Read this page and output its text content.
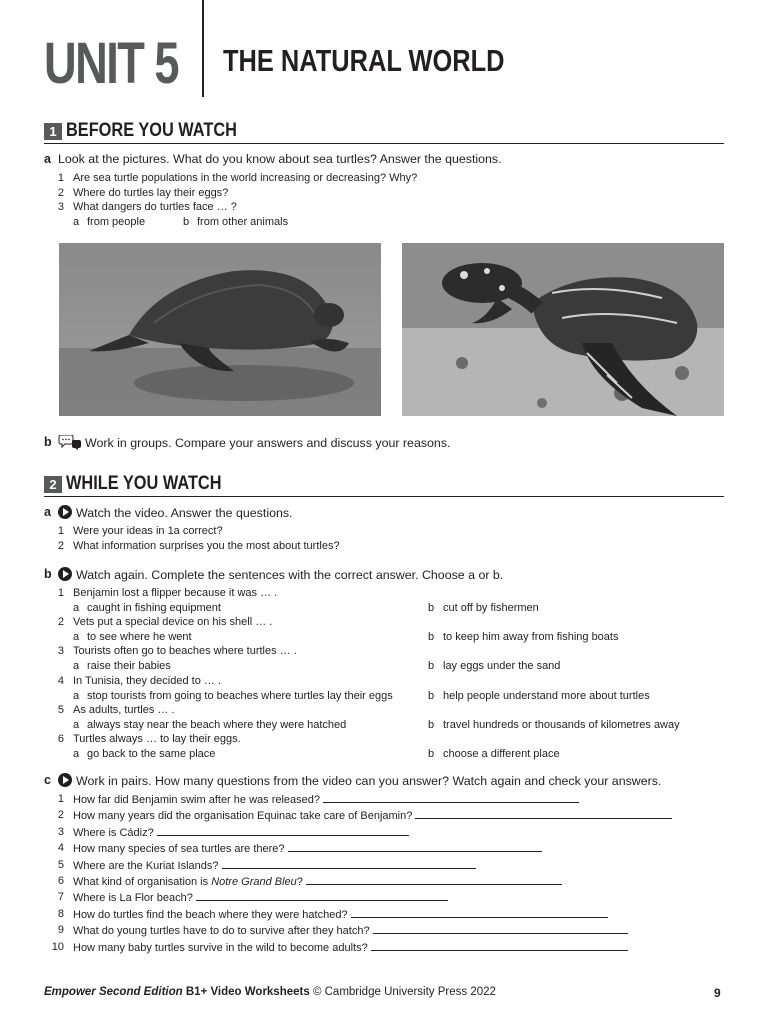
UNIT 5 THE NATURAL WORLD
1 BEFORE YOU WATCH
a Look at the pictures. What do you know about sea turtles? Answer the questions.
1 Are sea turtle populations in the world increasing or decreasing? Why?
2 Where do turtles lay their eggs?
3 What dangers do turtles face … ?
a from people	b from other animals
b	Work in groups. Compare your answers and discuss your reasons.
2 WHILE YOU WATCH
a	Watch the video. Answer the questions.
1 Were your ideas in 1a correct?
2 What information surprises you the most about turtles?
b	Watch again. Complete the sentences with the correct answer. Choose a or b.
1 Benjamin lost a flipper because it was … .
a caught in fishing equipment	b cut off by fishermen
2 Vets put a special device on his shell … .
a to see where he went	b to keep him away from fishing boats
3 Tourists often go to beaches where turtles … .
a raise their babies	b lay eggs under the sand
4 In Tunisia, they decided to … .
a stop tourists from going to beaches where turtles lay their eggs	b help people understand more about turtles
5 As adults, turtles … .
a always stay near the beach where they were hatched	b travel hundreds or thousands of kilometres away
6 Turtles always … to lay their eggs.
a go back to the same place	b choose a different place
c	Work in pairs. How many questions from the video can you answer? Watch again and check your answers.
1 How far did Benjamin swim after he was released?
2 How many years did the organisation Equinac take care of Benjamin?
3 Where is Cádiz?
4 How many species of sea turtles are there?
5 Where are the Kuriat Islands?
6 What kind of organisation is Notre Grand Bleu?
7 Where is La Flor beach?
8 How do turtles find the beach where they were hatched?
9 What do young turtles have to do to survive after they hatch?
10 How many baby turtles survive in the wild to become adults?
Empower Second Edition B1+ Video Worksheets © Cambridge University Press 2022	9
